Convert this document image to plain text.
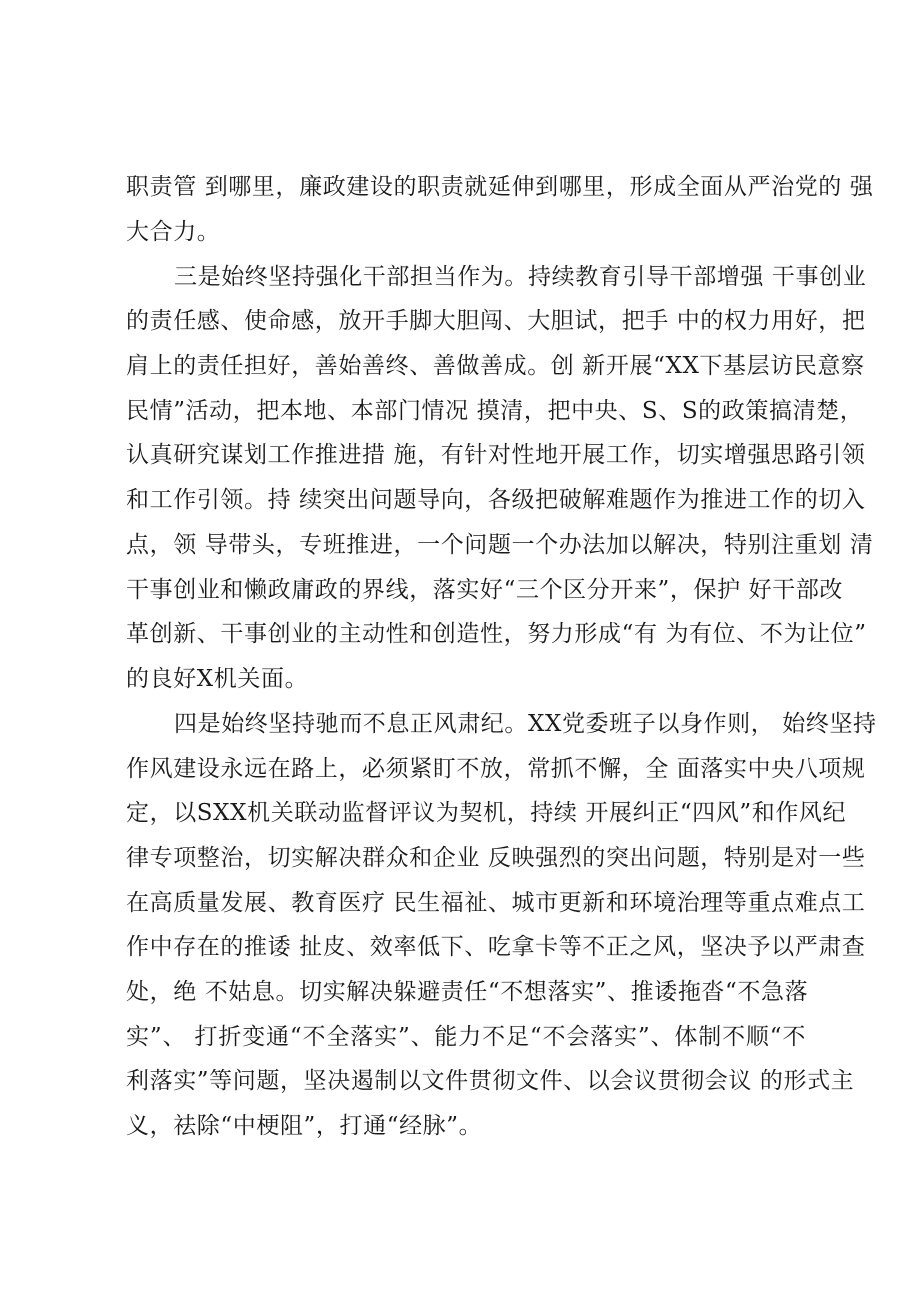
职责管 到哪里，廉政建设的职责就延伸到哪里，形成全面从严治党的 强
大合力。
三是始终坚持强化干部担当作为。持续教育引导干部增强 干事创业
的责任感、使命感，放开手脚大胆闯、大胆试，把手 中的权力用好，把
肩上的责任担好，善始善终、善做善成。创 新开展“XX下基层访民意察
民情”活动，把本地、本部门情况 摸清，把中央、S、S的政策搞清楚，
认真研究谋划工作推进措 施，有针对性地开展工作，切实增强思路引领
和工作引领。持 续突出问题导向，各级把破解难题作为推进工作的切入
点，领 导带头，专班推进，一个问题一个办法加以解决，特别注重划 清
干事创业和懒政庸政的界线，落实好“三个区分开来”，保护 好干部改
革创新、干事创业的主动性和创造性，努力形成“有 为有位、不为让位”
的良好X机关面。
四是始终坚持驰而不息正风肃纪。XX党委班子以身作则， 始终坚持
作风建设永远在路上，必须紧盯不放，常抓不懈，全 面落实中央八项规
定，以SXX机关联动监督评议为契机，持续 开展纠正“四风”和作风纪
律专项整治，切实解决群众和企业 反映强烈的突出问题，特别是对一些
在高质量发展、教育医疗 民生福祉、城市更新和环境治理等重点难点工
作中存在的推诿 扯皮、效率低下、吃拿卡等不正之风，坚决予以严肃查
处，绝 不姑息。切实解决躲避责任“不想落实”、推诿拖沓“不急落
实”、 打折变通“不全落实”、能力不足“不会落实”、体制不顺“不
利落实”等问题，坚决遏制以文件贯彻文件、以会议贯彻会议 的形式主
义，祛除“中梗阻”，打通“经脉”。
